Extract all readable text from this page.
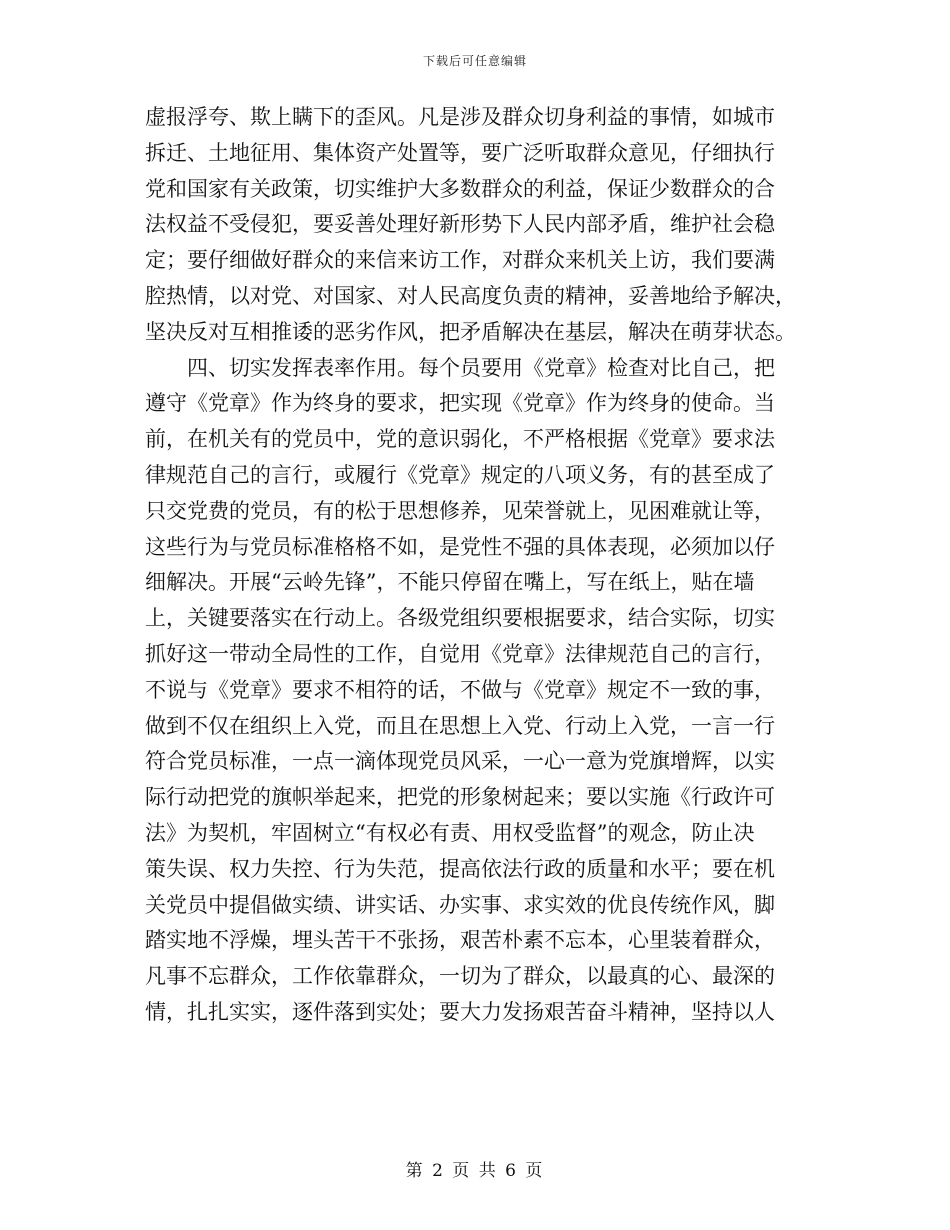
下载后可任意编辑
虚报浮夸、欺上瞒下的歪风。凡是涉及群众切身利益的事情，如城市
拆迁、土地征用、集体资产处置等，要广泛听取群众意见，仔细执行
党和国家有关政策，切实维护大多数群众的利益，保证少数群众的合
法权益不受侵犯，要妥善处理好新形势下人民内部矛盾，维护社会稳
定；要仔细做好群众的来信来访工作，对群众来机关上访，我们要满
腔热情，以对党、对国家、对人民高度负责的精神，妥善地给予解决，
坚决反对互相推诿的恶劣作风，把矛盾解决在基层，解决在萌芽状态。
　　四、切实发挥表率作用。每个员要用《党章》检查对比自己，把
遵守《党章》作为终身的要求，把实现《党章》作为终身的使命。当
前，在机关有的党员中，党的意识弱化，不严格根据《党章》要求法
律规范自己的言行，或履行《党章》规定的八项义务，有的甚至成了
只交党费的党员，有的松于思想修养，见荣誉就上，见困难就让等，
这些行为与党员标准格格不如，是党性不强的具体表现，必须加以仔
细解决。开展“云岭先锋”，不能只停留在嘴上，写在纸上，贴在墙
上，关键要落实在行动上。各级党组织要根据要求，结合实际，切实
抓好这一带动全局性的工作，自觉用《党章》法律规范自己的言行，
不说与《党章》要求不相符的话，不做与《党章》规定不一致的事，
做到不仅在组织上入党，而且在思想上入党、行动上入党，一言一行
符合党员标准，一点一滴体现党员风采，一心一意为党旗增辉，以实
际行动把党的旗帜举起来，把党的形象树起来；要以实施《行政许可
法》为契机，牢固树立“有权必有责、用权受监督”的观念，防止决
策失误、权力失控、行为失范，提高依法行政的质量和水平；要在机
关党员中提倡做实绩、讲实话、办实事、求实效的优良传统作风，脚
踏实地不浮燥，埋头苦干不张扬，艰苦朴素不忘本，心里装着群众，
凡事不忘群众，工作依靠群众，一切为了群众，以最真的心、最深的
情，扎扎实实，逐件落到实处；要大力发扬艰苦奋斗精神，坚持以人
第 2 页 共 6 页
